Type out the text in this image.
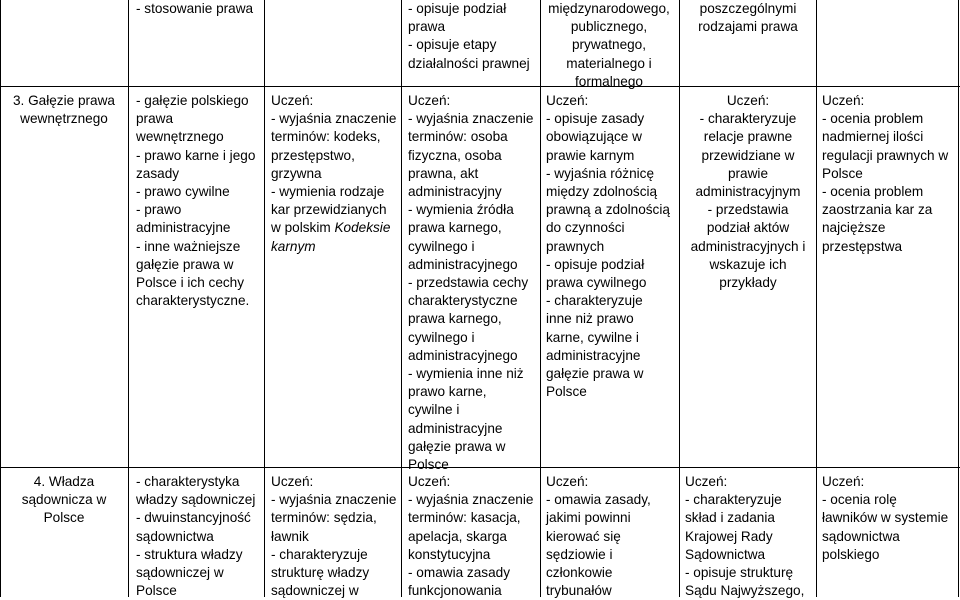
- stosowanie prawa	- opisuje podział
prawa
- opisuje etapy
działalności prawnej
międzynarodowego,
publicznego,
prywatnego,
materialnego i
formalnego
poszczególnymi
rodzajami prawa
3. Gałęzie prawa
wewnętrznego
- gałęzie polskiego
prawa
wewnętrznego
- prawo karne i jego
zasady
- prawo cywilne
- prawo
administracyjne
- inne ważniejsze
gałęzie prawa w
Polsce i ich cechy
charakterystyczne.
Uczeń:
- wyjaśnia znaczenie
terminów: kodeks,
przestępstwo,
grzywna
- wymienia rodzaje
kar przewidzianych
w polskim Kodeksie
karnym
Uczeń:
- wyjaśnia znaczenie
terminów: osoba
fizyczna, osoba
prawna, akt
administracyjny
- wymienia źródła
prawa karnego,
cywilnego i
administracyjnego
- przedstawia cechy
charakterystyczne
prawa karnego,
cywilnego i
administracyjnego
- wymienia inne niż
prawo karne,
cywilne i
administracyjne
gałęzie prawa w
Polsce
Uczeń:
- opisuje zasady
obowiązujące w
prawie karnym
- wyjaśnia różnicę
między zdolnością
prawną a zdolnością
do czynności
prawnych
- opisuje podział
prawa cywilnego
- charakteryzuje
inne niż prawo
karne, cywilne i
administracyjne
gałęzie prawa w
Polsce
Uczeń:
- charakteryzuje
relacje prawne
przewidziane w
prawie
administracyjnym
- przedstawia
podział aktów
administracyjnych i
wskazuje ich
przykłady
Uczeń:
- ocenia problem
nadmiernej ilości
regulacji prawnych w
Polsce
- ocenia problem
zaostrzania kar za
najcięższe
przestępstwa
4. Władza
sądownicza w
Polsce
- charakterystyka
władzy sądowniczej
- dwuinstancyjność
sądownictwa
- struktura władzy
sądowniczej w
Polsce
Uczeń:
- wyjaśnia znaczenie
terminów: sędzia,
ławnik
- charakteryzuje
strukturę władzy
sądowniczej w
Uczeń:
- wyjaśnia znaczenie
terminów: kasacja,
apelacja, skarga
konstytucyjna
- omawia zasady
funkcjonowania
Uczeń:
- omawia zasady,
jakimi powinni
kierować się
sędziowie i
członkowie
trybunałów
Uczeń:
- charakteryzuje
skład i zadania
Krajowej Rady
Sądownictwa
- opisuje strukturę
Sądu Najwyższego,
Uczeń:
- ocenia rolę
ławników w systemie
sądownictwa
polskiego
